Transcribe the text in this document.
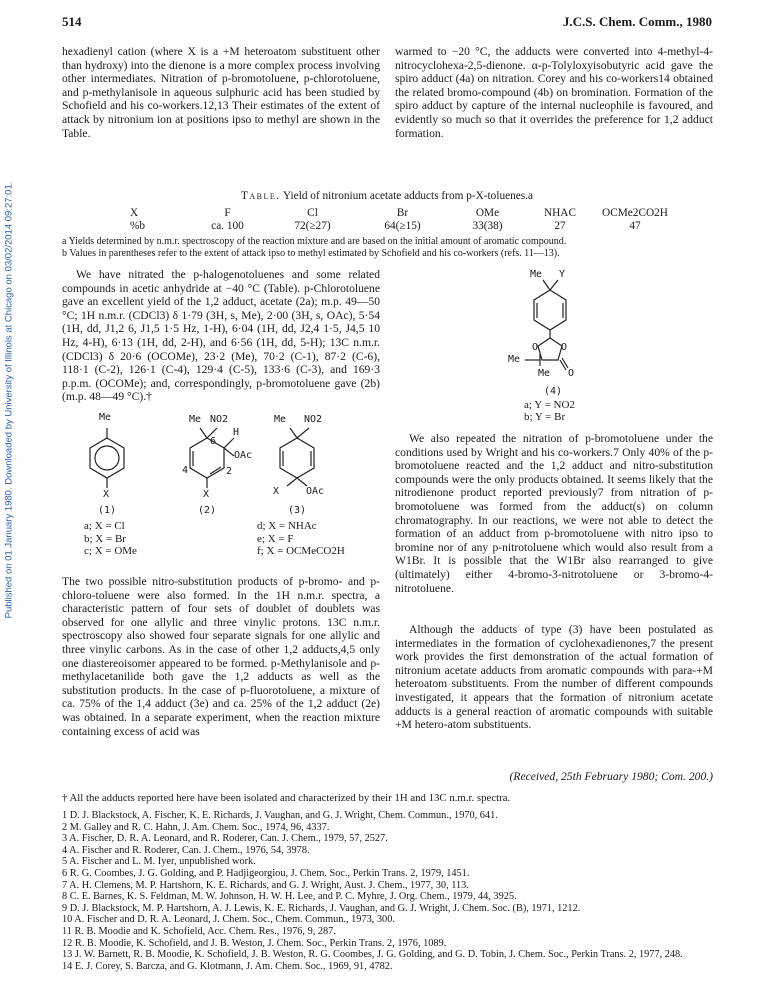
Published on 01 January 1980. Downloaded by University of Illinois at Chicago on 03/02/2014 09:27:01.
514	J.C.S. Chem. Comm., 1980

hexadienyl cation (where X is a +M heteroatom substituent other than hydroxy) into the dienone is a more complex process involving other intermediates. Nitration of p-bromotoluene, p-chlorotoluene, and p-methylanisole in aqueous sulphuric acid has been studied by Schofield and his co-workers.12,13 Their estimates of the extent of attack by nitronium ion at positions ipso to methyl are shown in the Table.

warmed to −20 °C, the adducts were converted into 4-methyl-4-nitrocyclohexa-2,5-dienone. α-p-Tolyloxyisobutyric acid gave the spiro adduct (4a) on nitration. Corey and his co-workers14 obtained the related bromo-compound (4b) on bromination. Formation of the spiro adduct by capture of the internal nucleophile is favoured, and evidently so much so that it overrides the preference for 1,2 adduct formation.

Table. Yield of nitronium acetate adducts from p-X-toluenes.a
X	F	Cl	Br	OMe	NHAC	OCMe2CO2H
%b	ca. 100	72(≥27)	64(≥15)	33(38)	27	47

a Yields determined by n.m.r. spectroscopy of the reaction mixture and are based on the initial amount of aromatic compound.

b Values in parentheses refer to the extent of attack ipso to methyl estimated by Schofield and his co-workers (refs. 11—13).

We have nitrated the p-halogenotoluenes and some related compounds in acetic anhydride at −40 °C (Table). p-Chlorotoluene gave an excellent yield of the 1,2 adduct, acetate (2a); m.p. 49—50 °C; 1H n.m.r. (CDCl3) δ 1·79 (3H, s, Me), 2·00 (3H, s, OAc), 5·54 (1H, dd, J1,2 6, J1,5 1·5 Hz, 1-H), 6·04 (1H, dd, J2,4 1·5, J4,5 10 Hz, 4-H), 6·13 (1H, dd, 2-H), and 6·56 (1H, dd, 5-H); 13C n.m.r. (CDCl3) δ 20·6 (OCOMe), 23·2 (Me), 70·2 (C-1), 87·2 (C-6), 118·1 (C-2), 126·1 (C-4), 129·4 (C-5), 133·6 (C-3), and 169·3 p.p.m. (OCOMe); and, correspondingly, p-bromotoluene gave (2b) (m.p. 48—49 °C).†

Me
X
Me NO2
H
OAc
6
2
4
X
Me NO2
X	OAc
(1)	(2)	(3)
a; X = Cl
b; X = Br
c; X = OMe
d; X = NHAc
e; X = F
f; X = OCMeCO2H

The two possible nitro-substitution products of p-bromo- and p-chloro-toluene were also formed. In the 1H n.m.r. spectra, a characteristic pattern of four sets of doublet of doublets was observed for one allylic and three vinylic protons. 13C n.m.r. spectroscopy also showed four separate signals for one allylic and three vinylic carbons. As in the case of other 1,2 adducts,4,5 only one diastereoisomer appeared to be formed. p-Methylanisole and p-methylacetanilide both gave the 1,2 adducts as well as the substitution products. In the case of p-fluorotoluene, a mixture of ca. 75% of the 1,4 adduct (3e) and ca. 25% of the 1,2 adduct (2e) was obtained. In a separate experiment, when the reaction mixture containing excess of acid was

Me Y
O O
O
Me
Me
(4)
a; Y = NO2
b; Y = Br

We also repeated the nitration of p-bromotoluene under the conditions used by Wright and his co-workers.7 Only 40% of the p-bromotoluene reacted and the 1,2 adduct and nitro-substitution compounds were the only products obtained. It seems likely that the nitrodienone product reported previously7 from nitration of p-bromotoluene was formed from the adduct(s) on column chromatography. In our reactions, we were not able to detect the formation of an adduct from p-bromotoluene with nitro ipso to bromine nor of any p-nitrotoluene which would also result from a W1Br. It is possible that the W1Br also rearranged to give (ultimately) either 4-bromo-3-nitrotoluene or 3-bromo-4-nitrotoluene.

Although the adducts of type (3) have been postulated as intermediates in the formation of cyclohexadienones,7 the present work provides the first demonstration of the actual formation of nitronium acetate adducts from aromatic compounds with para-+M heteroatom substituents. From the number of different compounds investigated, it appears that the formation of nitronium acetate adducts is a general reaction of aromatic compounds with suitable +M hetero-atom substituents.

(Received, 25th February 1980; Com. 200.)
† All the adducts reported here have been isolated and characterized by their 1H and 13C n.m.r. spectra.

1 D. J. Blackstock, A. Fischer, K. E. Richards, J. Vaughan, and G. J. Wright, Chem. Commun., 1970, 641.

2 M. Galley and R. C. Hahn, J. Am. Chem. Soc., 1974, 96, 4337.

3 A. Fischer, D. R. A. Leonard, and R. Roderer, Can. J. Chem., 1979, 57, 2527.

4 A. Fischer and R. Roderer, Can. J. Chem., 1976, 54, 3978.

5 A. Fischer and L. M. Iyer, unpublished work.

6 R. G. Coombes, J. G. Golding, and P. Hadjigeorgiou, J. Chem. Soc., Perkin Trans. 2, 1979, 1451.

7 A. H. Clemens, M. P. Hartshorn, K. E. Richards, and G. J. Wright, Aust. J. Chem., 1977, 30, 113.

8 C. E. Barnes, K. S. Feldman, M. W. Johnson, H. W. H. Lee, and P. C. Myhre, J. Org. Chem., 1979, 44, 3925.

9 D. J. Blackstock, M. P. Hartshorn, A. J. Lewis, K. E. Richards, J. Vaughan, and G. J. Wright, J. Chem. Soc. (B), 1971, 1212.

10 A. Fischer and D. R. A. Leonard, J. Chem. Soc., Chem. Commun., 1973, 300.

11 R. B. Moodie and K. Schofield, Acc. Chem. Res., 1976, 9, 287.

12 R. B. Moodie, K. Schofield, and J. B. Weston, J. Chem. Soc., Perkin Trans. 2, 1976, 1089.

13 J. W. Barnett, R. B. Moodie, K. Schofield, J. B. Weston, R. G. Coombes, J. G. Golding, and G. D. Tobin, J. Chem. Soc., Perkin Trans. 2, 1977, 248.

14 E. J. Corey, S. Barcza, and G. Klotmann, J. Am. Chem. Soc., 1969, 91, 4782.
